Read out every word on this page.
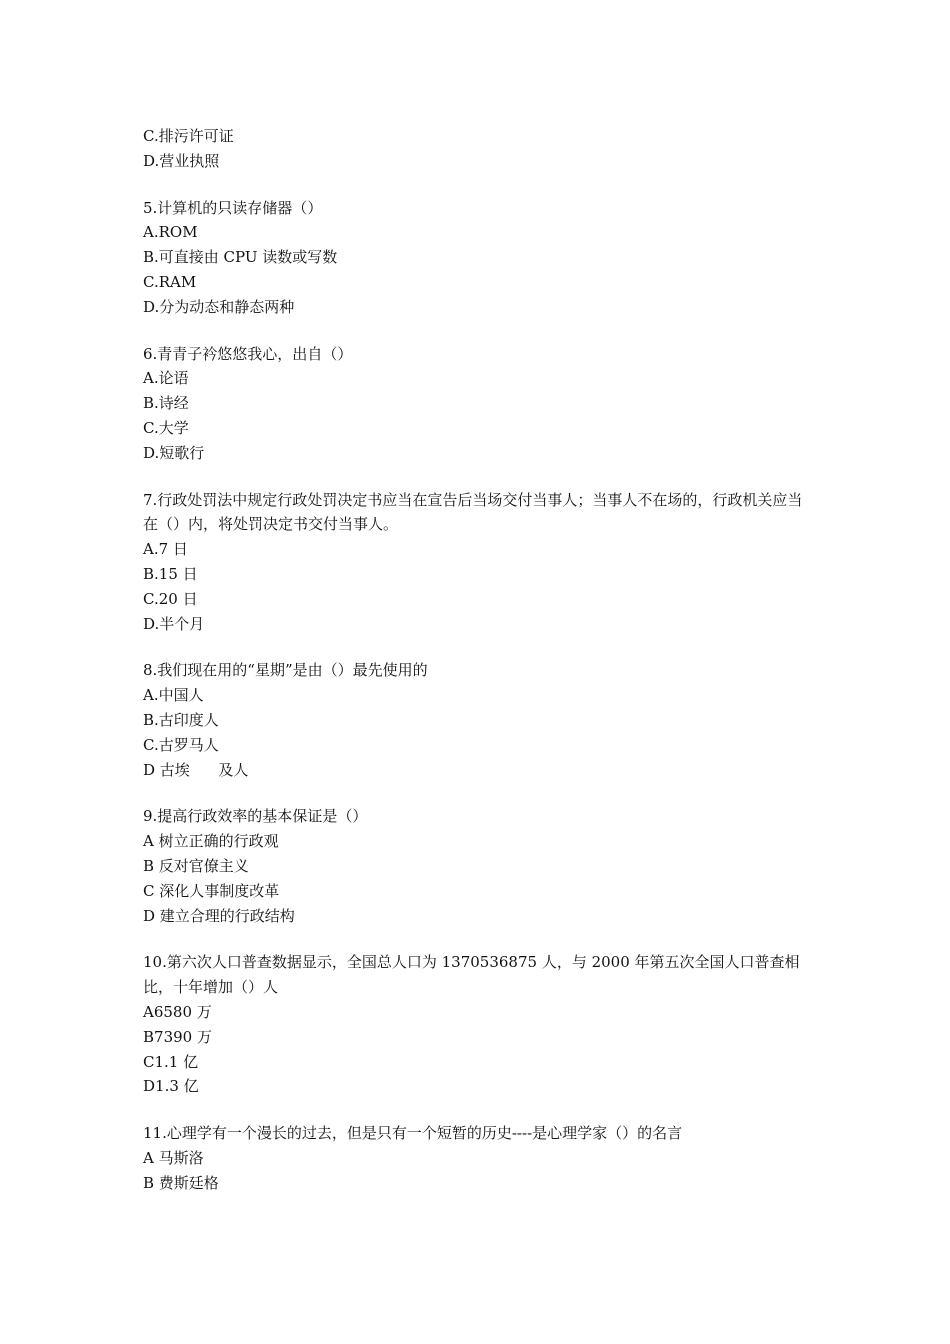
C.排污许可证
D.营业执照
5.计算机的只读存储器（）
A.ROM
B.可直接由 CPU 读数或写数
C.RAM
D.分为动态和静态两种
6.青青子衿悠悠我心，出自（）
A.论语
B.诗经
C.大学
D.短歌行
7.行政处罚法中规定行政处罚决定书应当在宣告后当场交付当事人；当事人不在场的，行政机关应当在（）内，将处罚决定书交付当事人。
A.7 日
B.15 日
C.20 日
D.半个月
8.我们现在用的“星期”是由（）最先使用的
A.中国人
B.古印度人
C.古罗马人
D 古埃      及人
9.提高行政效率的基本保证是（）
A 树立正确的行政观
B 反对官僚主义
C 深化人事制度改革
D 建立合理的行政结构
10.第六次人口普查数据显示，全国总人口为 1370536875 人，与 2000 年第五次全国人口普查相比，十年增加（）人
A6580 万
B7390 万
C1.1 亿
D1.3 亿
11.心理学有一个漫长的过去，但是只有一个短暂的历史----是心理学家（）的名言
A 马斯洛
B 费斯廷格
